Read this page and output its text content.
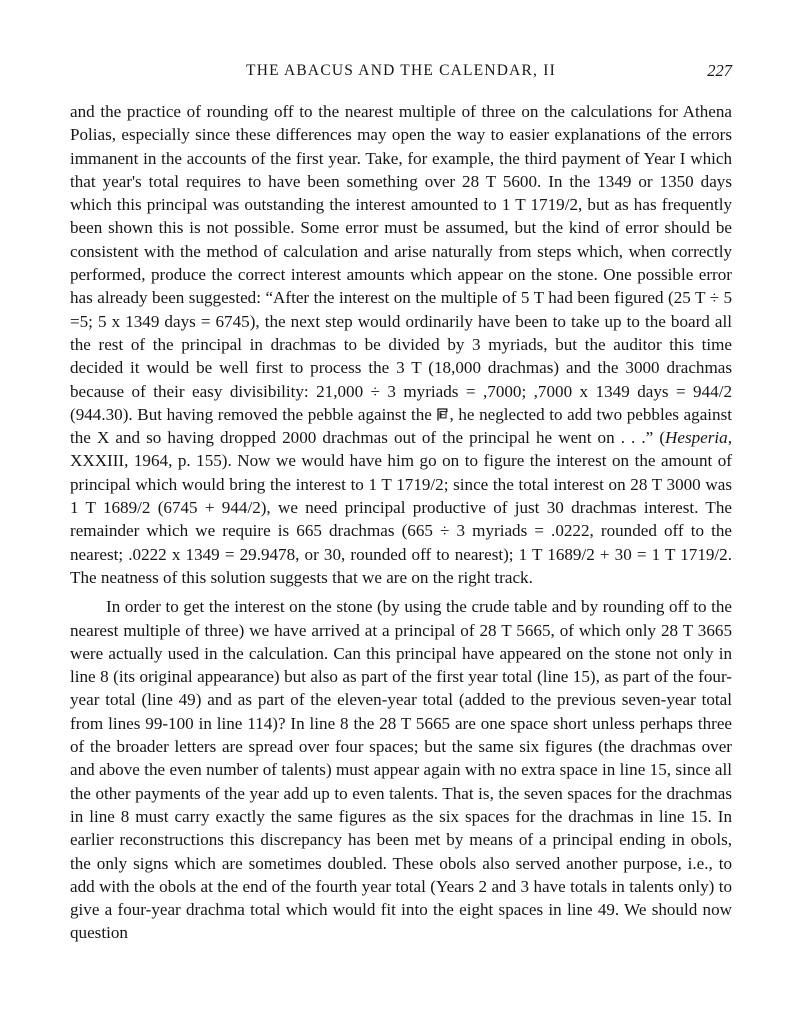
THE ABACUS AND THE CALENDAR, II	227

and the practice of rounding off to the nearest multiple of three on the calculations for Athena Polias, especially since these differences may open the way to easier explanations of the errors immanent in the accounts of the first year. Take, for example, the third payment of Year I which that year's total requires to have been something over 28 T 5600. In the 1349 or 1350 days which this principal was outstanding the interest amounted to 1 T 1719/2, but as has frequently been shown this is not possible. Some error must be assumed, but the kind of error should be consistent with the method of calculation and arise naturally from steps which, when correctly performed, produce the correct interest amounts which appear on the stone. One possible error has already been suggested: “After the interest on the multiple of 5 T had been figured (25 T ÷ 5 =5; 5 x 1349 days = 6745), the next step would ordinarily have been to take up to the board all the rest of the principal in drachmas to be divided by 3 myriads, but the auditor this time decided it would be well first to process the 3 T (18,000 drachmas) and the 3000 drachmas because of their easy divisibility: 21,000 ÷ 3 myriads = ,7000; ,7000 x 1349 days = 944/2 (944.30). But having removed the pebble against the , he neglected to add two pebbles against the X and so having dropped 2000 drachmas out of the principal he went on . . .” (Hesperia, XXXIII, 1964, p. 155). Now we would have him go on to figure the interest on the amount of principal which would bring the interest to 1 T 1719/2; since the total interest on 28 T 3000 was 1 T 1689/2 (6745 + 944/2), we need principal productive of just 30 drachmas interest. The remainder which we require is 665 drachmas (665 ÷ 3 myriads = .0222, rounded off to the nearest; .0222 x 1349 = 29.9478, or 30, rounded off to nearest); 1 T 1689/2 + 30 = 1 T 1719/2. The neatness of this solution suggests that we are on the right track.

In order to get the interest on the stone (by using the crude table and by rounding off to the nearest multiple of three) we have arrived at a principal of 28 T 5665, of which only 28 T 3665 were actually used in the calculation. Can this principal have appeared on the stone not only in line 8 (its original appearance) but also as part of the first year total (line 15), as part of the four-year total (line 49) and as part of the eleven-year total (added to the previous seven-year total from lines 99-100 in line 114)? In line 8 the 28 T 5665 are one space short unless perhaps three of the broader letters are spread over four spaces; but the same six figures (the drachmas over and above the even number of talents) must appear again with no extra space in line 15, since all the other payments of the year add up to even talents. That is, the seven spaces for the drachmas in line 8 must carry exactly the same figures as the six spaces for the drachmas in line 15. In earlier reconstructions this discrepancy has been met by means of a principal ending in obols, the only signs which are sometimes doubled. These obols also served another purpose, i.e., to add with the obols at the end of the fourth year total (Years 2 and 3 have totals in talents only) to give a four-year drachma total which would fit into the eight spaces in line 49. We should now question
